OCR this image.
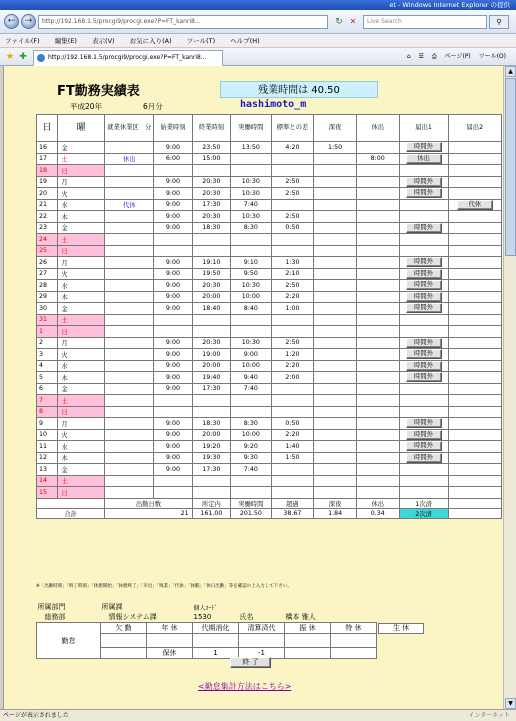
et - Windows Internet Explorer の提供
←	→	http://192.168.1.5/procgi9/procgi.exe?P=FT_kanri8...	↻ ✕	Live Search	⚲
ファイル(F) 編集(E) 表示(V) お気に入り(A) ツール(T) ヘルプ(H)
★ ✚	http://192.168.1.5/procgi9/procgi.exe?P=FT_kanri8...	⌂ ☰ ⎙ ページ(P) ツール(O)
FT勤務実績表	残業時間は 40.50
平成20年	6月分	hashimoto_m
日	曜	就業休業区　分	始業時刻	終業時刻	実働時間	標準との差	深夜	休出	届出1	届出2
16	金		9:00	23:50	13:50	4:20	1:50		時間外	
17	土	休出	6:00	15:00				8:00	休出	
18	日									
19	月		9:00	20:30	10:30	2:50			時間外	
20	火		9:00	20:30	10:30	2:50			時間外	
21	水	代休	9:00	17:30	7:40					代休
22	木		9:00	20:30	10:30	2:50				
23	金		9:00	18:30	8:30	0:50			時間外	
24	土									
25	日									
26	月		9:00	19:10	9:10	1:30			時間外	
27	火		9:00	19:50	9:50	2:10			時間外	
28	水		9:00	20:30	10:30	2:50			時間外	
29	木		9:00	20:00	10:00	2:20			時間外	
30	金		9:00	18:40	8:40	1:00			時間外	
31	土									
1	日									
2	月		9:00	20:30	10:30	2:50			時間外	
3	火		9:00	19:00	9:00	1:20			時間外	
4	水		9:00	20:00	10:00	2:20			時間外	
5	木		9:00	19:40	9:40	2:00			時間外	
6	金		9:00	17:30	7:40					
7	土									
8	日									
9	月		9:00	18:30	8:30	0:50			時間外	
10	火		9:00	20:00	10:00	2:20			時間外	
11	水		9:00	19:20	9:20	1:40			時間外	
12	木		9:00	19:30	9:30	1:50			時間外	
13	金		9:00	17:30	7:40					
14	土									
15	日									
		出勤日数		所定内	実働時間	超過	深夜	休出	1次済	
合計		21		161.00	201.50	38.67	1.84	0.34	2次済	
※「出勤時刻」「終了時刻」「休憩開始」「休憩終了」「早出」「残業」「代休」「休暇」「休日出勤」等を確認の上入力して下さい。
所属部門	所属課		個人ｺｰﾄﾞ			
総務部	情報システム課		1530	氏名	橋本 雅人	
勤怠	欠 勤	年 休	代期消化	清算済代	振 休	特 休

		保休	1	-1		
生 休
終 了
<勤怠集計方法はこちら>
▲
▼
ページが表示されました	インターネット
